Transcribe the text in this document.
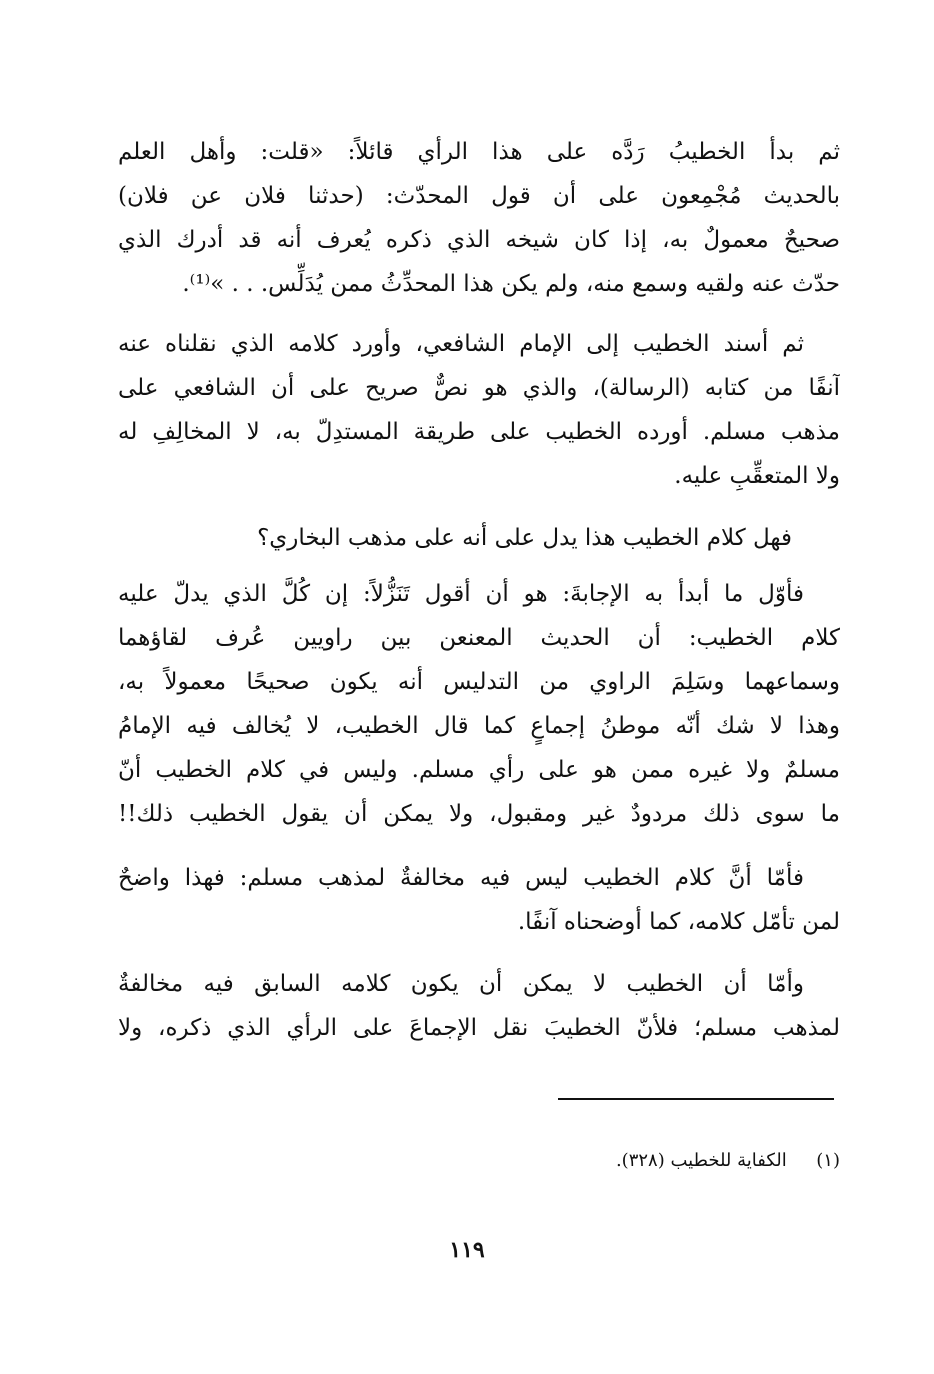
ثم بدأ الخطيبُ رَدَّه على هذا الرأي قائلاً: «قلت: وأهل العلم
بالحديث مُجْمِعون على أن قول المحدّث: (حدثنا فلان عن فلان)
صحيحٌ معمولٌ به، إذا كان شيخه الذي ذكره يُعرف أنه قد أدرك الذي
حدّث عنه ولقيه وسمع منه، ولم يكن هذا المحدِّثُ ممن يُدَلِّس. . . »⁽¹⁾.
ثم أسند الخطيب إلى الإمام الشافعي، وأورد كلامه الذي نقلناه عنه
آنفًا من كتابه (الرسالة)، والذي هو نصٌّ صريح على أن الشافعي على
مذهب مسلم. أورده الخطيب على طريقة المستدِلّ به، لا المخالِفِ له
ولا المتعقِّبِ عليه.
فهل كلام الخطيب هذا يدل على أنه على مذهب البخاري؟
فأوّل ما أبدأ به الإجابةَ: هو أن أقول تَنَزُّلاً: إن كُلَّ الذي يدلّ عليه
كلام الخطيب: أن الحديث المعنعن بين راويين عُرف لقاؤهما
وسماعهما وسَلِمَ الراوي من التدليس أنه يكون صحيحًا معمولاً به،
وهذا لا شك أنّه موطنُ إجماعٍ كما قال الخطيب، لا يُخالف فيه الإمامُ
مسلمٌ ولا غيره ممن هو على رأي مسلم. وليس في كلام الخطيب أنّ
ما سوى ذلك مردودٌ غير ومقبول، ولا يمكن أن يقول الخطيب ذلك!!
فأمّا أنَّ كلام الخطيب ليس فيه مخالفةٌ لمذهب مسلم: فهذا واضحٌ
لمن تأمّل كلامه، كما أوضحناه آنفًا.
وأمّا أن الخطيب لا يمكن أن يكون كلامه السابق فيه مخالفةٌ
لمذهب مسلم؛ فلأنّ الخطيبَ نقل الإجماعَ على الرأي الذي ذكره، ولا
(١)  الكفاية للخطيب (٣٢٨).
١١٩
